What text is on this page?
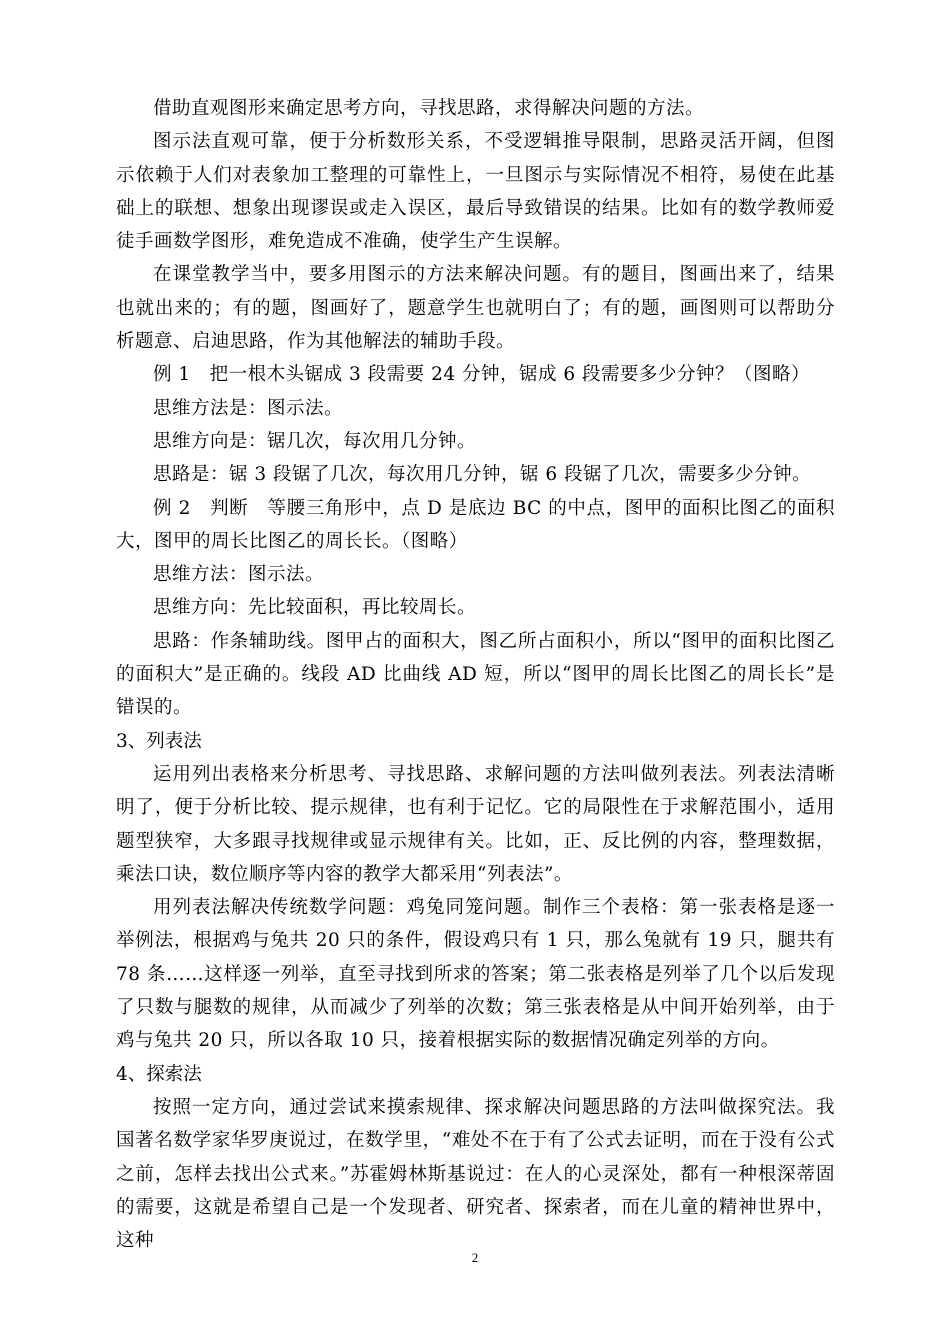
借助直观图形来确定思考方向，寻找思路，求得解决问题的方法。

图示法直观可靠，便于分析数形关系，不受逻辑推导限制，思路灵活开阔，但图示依赖于人们对表象加工整理的可靠性上，一旦图示与实际情况不相符，易使在此基础上的联想、想象出现谬误或走入误区，最后导致错误的结果。比如有的数学教师爱徒手画数学图形，难免造成不准确，使学生产生误解。

在课堂教学当中，要多用图示的方法来解决问题。有的题目，图画出来了，结果也就出来的；有的题，图画好了，题意学生也就明白了；有的题，画图则可以帮助分析题意、启迪思路，作为其他解法的辅助手段。

例 1　把一根木头锯成 3 段需要 24 分钟，锯成 6 段需要多少分钟？（图略）

思维方法是：图示法。

思维方向是：锯几次，每次用几分钟。

思路是：锯 3 段锯了几次，每次用几分钟，锯 6 段锯了几次，需要多少分钟。

例 2　判断　等腰三角形中，点 D 是底边 BC 的中点，图甲的面积比图乙的面积大，图甲的周长比图乙的周长长。（图略）

思维方法：图示法。

思维方向：先比较面积，再比较周长。

思路：作条辅助线。图甲占的面积大，图乙所占面积小，所以“图甲的面积比图乙的面积大”是正确的。线段 AD 比曲线 AD 短，所以“图甲的周长比图乙的周长长”是错误的。

3、列表法

运用列出表格来分析思考、寻找思路、求解问题的方法叫做列表法。列表法清晰明了，便于分析比较、提示规律，也有利于记忆。它的局限性在于求解范围小，适用题型狭窄，大多跟寻找规律或显示规律有关。比如，正、反比例的内容，整理数据，乘法口诀，数位顺序等内容的教学大都采用“列表法”。

用列表法解决传统数学问题：鸡兔同笼问题。制作三个表格：第一张表格是逐一举例法，根据鸡与兔共 20 只的条件，假设鸡只有 1 只，那么兔就有 19 只，腿共有 78 条……这样逐一列举，直至寻找到所求的答案；第二张表格是列举了几个以后发现了只数与腿数的规律，从而减少了列举的次数；第三张表格是从中间开始列举，由于鸡与兔共 20 只，所以各取 10 只，接着根据实际的数据情况确定列举的方向。

4、探索法

按照一定方向，通过尝试来摸索规律、探求解决问题思路的方法叫做探究法。我国著名数学家华罗庚说过，在数学里，“难处不在于有了公式去证明，而在于没有公式之前，怎样去找出公式来。”苏霍姆林斯基说过：在人的心灵深处，都有一种根深蒂固的需要，这就是希望自己是一个发现者、研究者、探索者，而在儿童的精神世界中，这种

2
